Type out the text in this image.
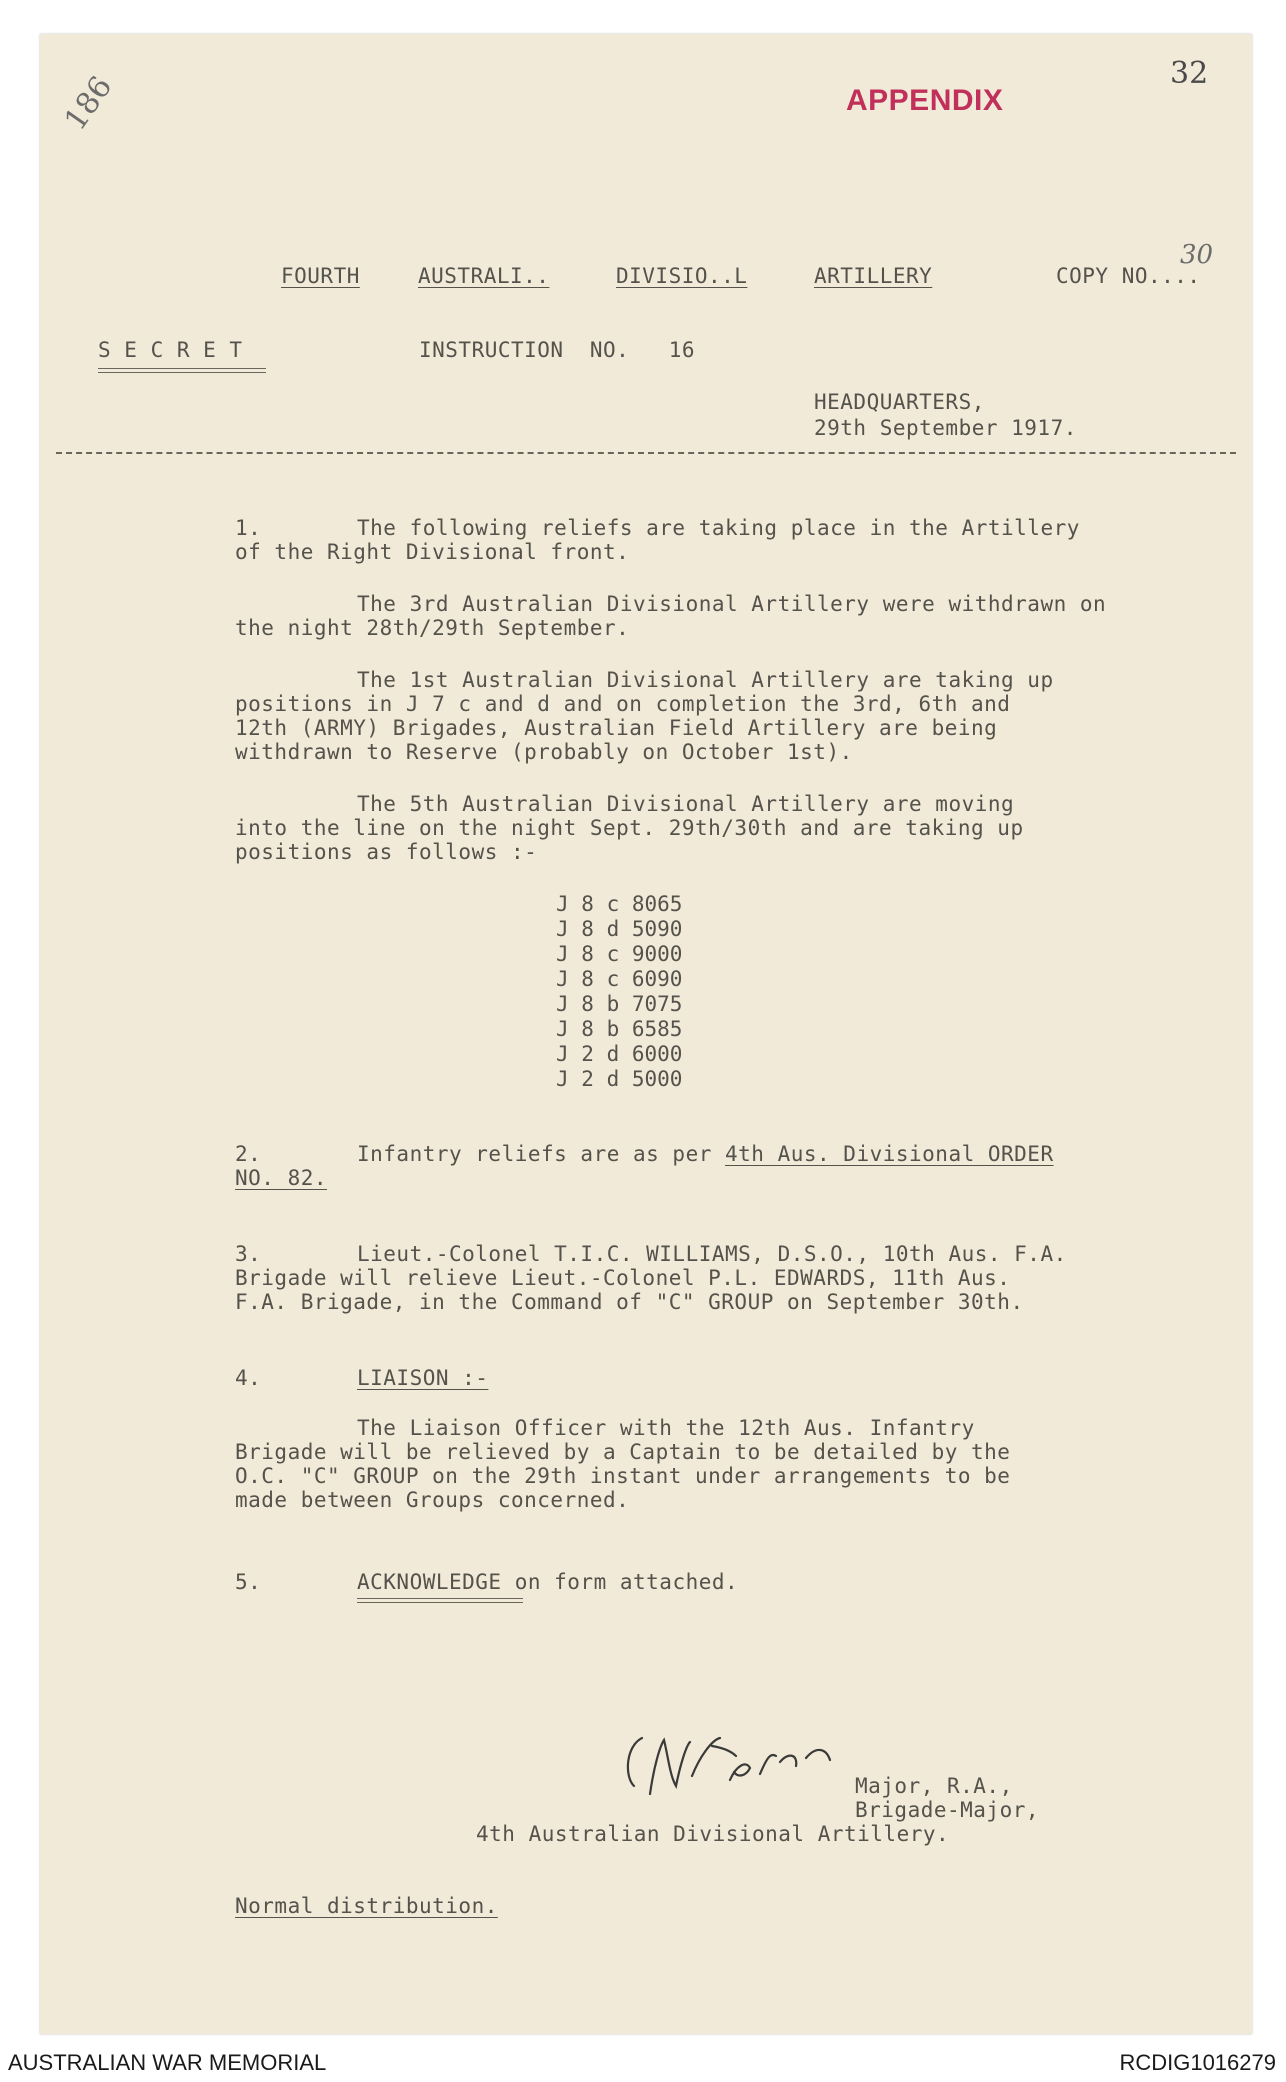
186	32
APPENDIX
30
FOURTH	AUSTRALI..	DIVISIO..L	ARTILLERY	COPY NO....
S E C R E T	INSTRUCTION  NO.   16
HEADQUARTERS,
29th September 1917.
1.	The following reliefs are taking place in the Artillery
of the Right Divisional front.
The 3rd Australian Divisional Artillery were withdrawn on
the night 28th/29th September.
The 1st Australian Divisional Artillery are taking up
positions in J 7 c and d and on completion the 3rd, 6th and
12th (ARMY) Brigades, Australian Field Artillery are being
withdrawn to Reserve (probably on October 1st).
The 5th Australian Divisional Artillery are moving
into the line on the night Sept. 29th/30th and are taking up
positions as follows :-
J 8 c 8065
J 8 d 5090
J 8 c 9000
J 8 c 6090
J 8 b 7075
J 8 b 6585
J 2 d 6000
J 2 d 5000
2.	Infantry reliefs are as per 4th Aus. Divisional ORDER
NO. 82.
3.	Lieut.-Colonel T.I.C. WILLIAMS, D.S.O., 10th Aus. F.A.
Brigade will relieve Lieut.-Colonel P.L. EDWARDS, 11th Aus.
F.A. Brigade, in the Command of "C" GROUP on September 30th.
4.	LIAISON :-
The Liaison Officer with the 12th Aus. Infantry
Brigade will be relieved by a Captain to be detailed by the
O.C. "C" GROUP on the 29th instant under arrangements to be
made between Groups concerned.
5.	ACKNOWLEDGE on form attached.
Major, R.A.,
Brigade-Major,
4th Australian Divisional Artillery.
Normal distribution.
AUSTRALIAN WAR MEMORIAL	RCDIG1016279
